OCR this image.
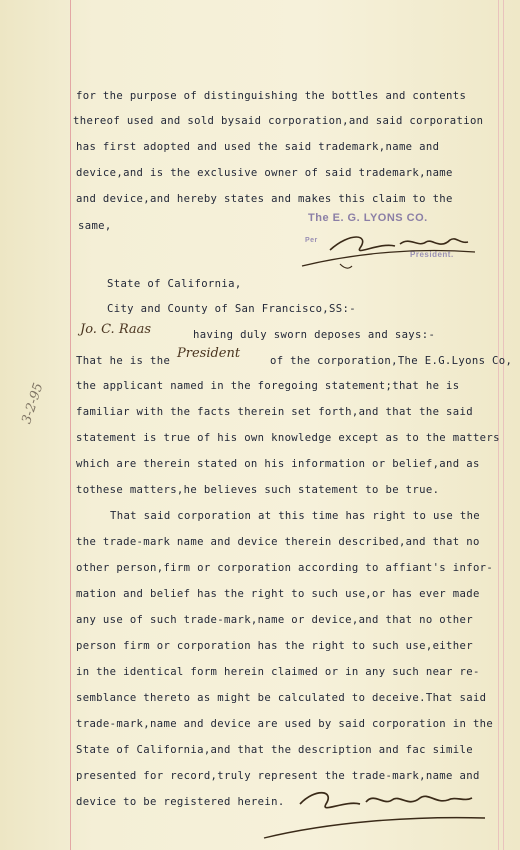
for the purpose of distinguishing the bottles and contents
thereof used and sold bysaid corporation,and said corporation
has first adopted and used the said trademark,name and
device,and is the exclusive owner of said trademark,name
and device,and hereby states and makes this claim to the
same,
The E. G. LYONS CO.
Per
President.
State of California,
City and County of San Francisco,SS:-
Jo. C. Raas	having duly sworn deposes and says:-
That he is the President	of the corporation,The E.G.Lyons Co,
the applicant named in the foregoing statement;that he is
familiar with the facts therein set forth,and that the said
statement is true of his own knowledge except as to the matters
which are therein stated on his information or belief,and as
tothese matters,he believes such statement to be true.
3-2-95
That said corporation at this time has right to use the
the trade-mark name and device therein described,and that no
other person,firm or corporation according to affiant's infor-
mation and belief has the right to such use,or has ever made
any use of such trade-mark,name or device,and that no other
person firm or corporation has the right to such use,either
in the identical form herein claimed or in any such near re-
semblance thereto as might be calculated to deceive.That said
trade-mark,name and device are used by said corporation in the
State of California,and that the description and fac simile
presented for record,truly represent the trade-mark,name and
device to be registered herein.
